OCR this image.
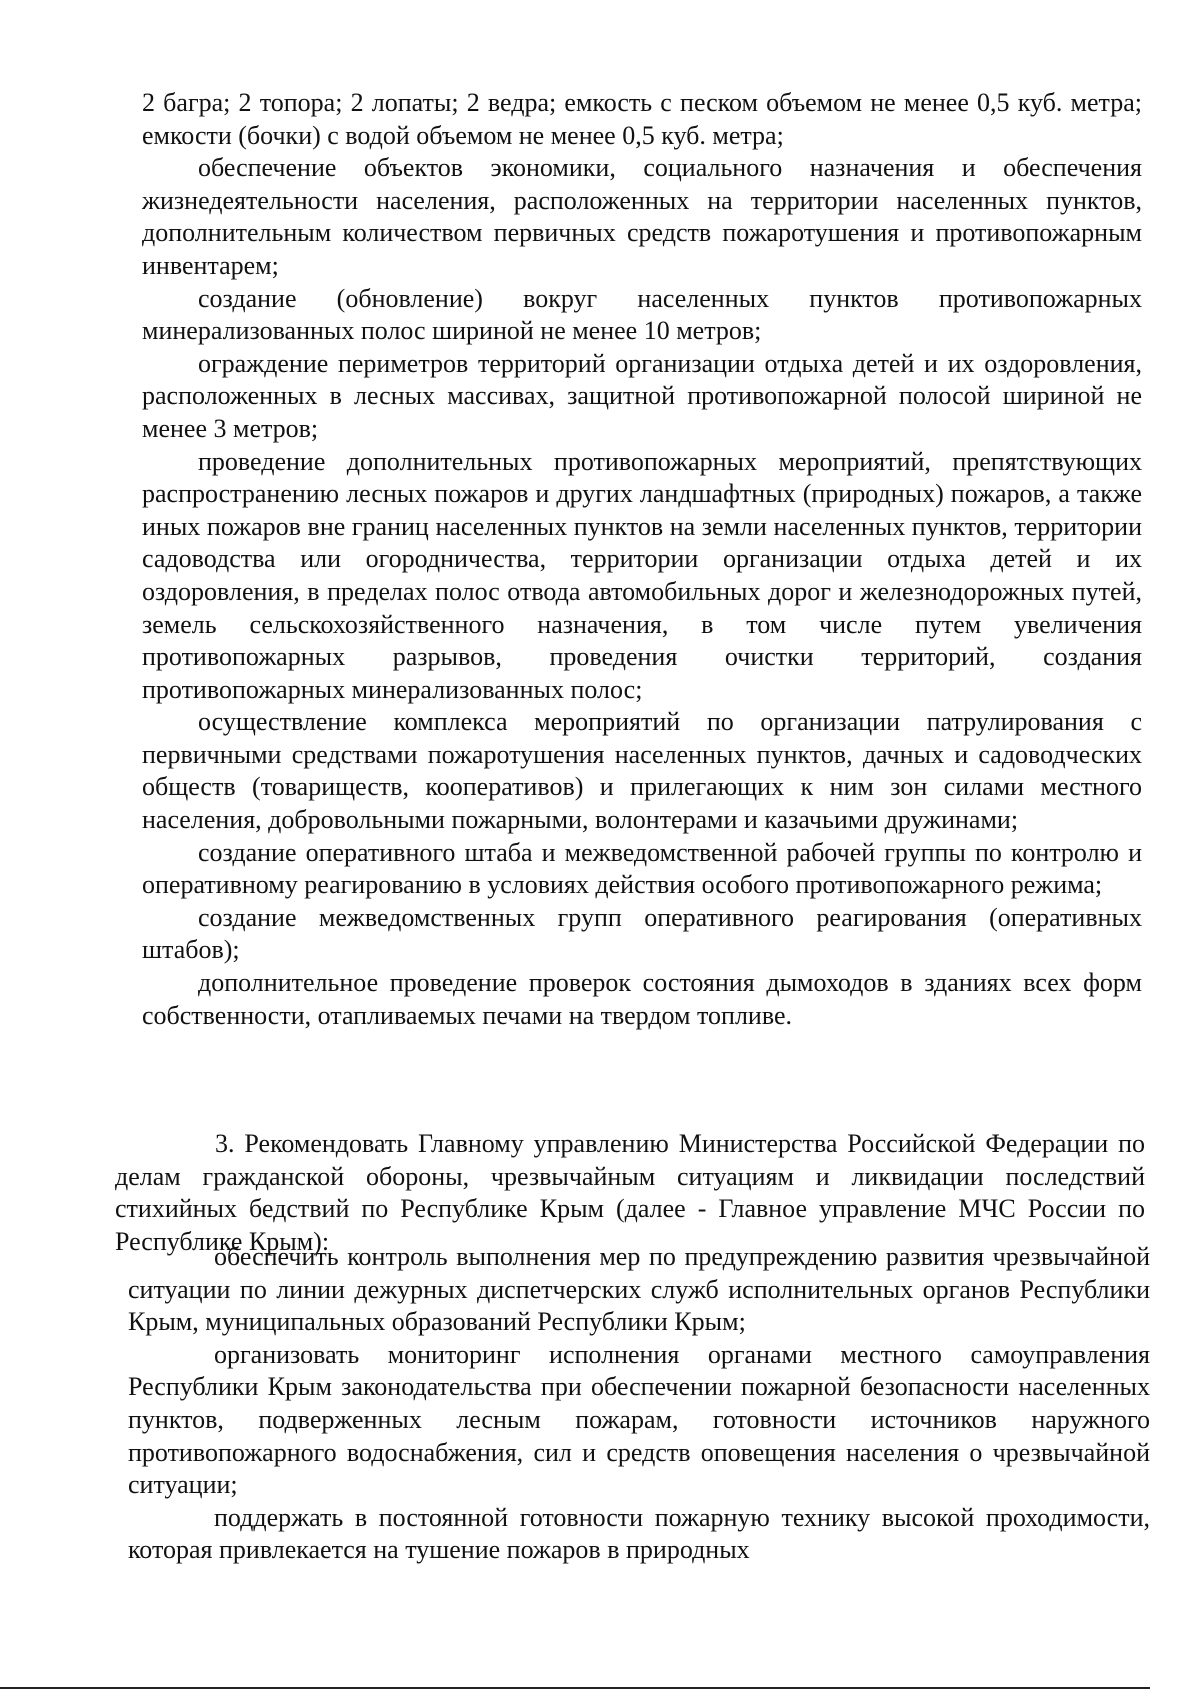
2 багра; 2 топора; 2 лопаты; 2 ведра; емкость с песком объемом не менее 0,5 куб. метра; емкости (бочки) с водой объемом не менее 0,5 куб. метра;

обеспечение объектов экономики, социального назначения и обеспечения жизнедеятельности населения, расположенных на территории населенных пунктов, дополнительным количеством первичных средств пожаротушения и противопожарным инвентарем;

создание (обновление) вокруг населенных пунктов противопожарных минерализованных полос шириной не менее 10 метров;

ограждение периметров территорий организации отдыха детей и их оздоровления, расположенных в лесных массивах, защитной противопожарной полосой шириной не менее 3 метров;

проведение дополнительных противопожарных мероприятий, препятствующих распространению лесных пожаров и других ландшафтных (природных) пожаров, а также иных пожаров вне границ населенных пунктов на земли населенных пунктов, территории садоводства или огородничества, территории организации отдыха детей и их оздоровления, в пределах полос отвода автомобильных дорог и железнодорожных путей, земель сельскохозяйственного назначения, в том числе путем увеличения противопожарных разрывов, проведения очистки территорий, создания противопожарных минерализованных полос;

осуществление комплекса мероприятий по организации патрулирования с первичными средствами пожаротушения населенных пунктов, дачных и садоводческих обществ (товариществ, кооперативов) и прилегающих к ним зон силами местного населения, добровольными пожарными, волонтерами и казачьими дружинами;

создание оперативного штаба и межведомственной рабочей группы по контролю и оперативному реагированию в условиях действия особого противопожарного режима;

создание межведомственных групп оперативного реагирования (оперативных штабов);

дополнительное проведение проверок состояния дымоходов в зданиях всех форм собственности, отапливаемых печами на твердом топливе.

3. Рекомендовать Главному управлению Министерства Российской Федерации по делам гражданской обороны, чрезвычайным ситуациям и ликвидации последствий стихийных бедствий по Республике Крым (далее - Главное управление МЧС России по Республике Крым):

обеспечить контроль выполнения мер по предупреждению развития чрезвычайной ситуации по линии дежурных диспетчерских служб исполнительных органов Республики Крым, муниципальных образований Республики Крым;

организовать мониторинг исполнения органами местного самоуправления Республики Крым законодательства при обеспечении пожарной безопасности населенных пунктов, подверженных лесным пожарам, готовности источников наружного противопожарного водоснабжения, сил и средств оповещения населения о чрезвычайной ситуации;

поддержать в постоянной готовности пожарную технику высокой проходимости, которая привлекается на тушение пожаров в природных
